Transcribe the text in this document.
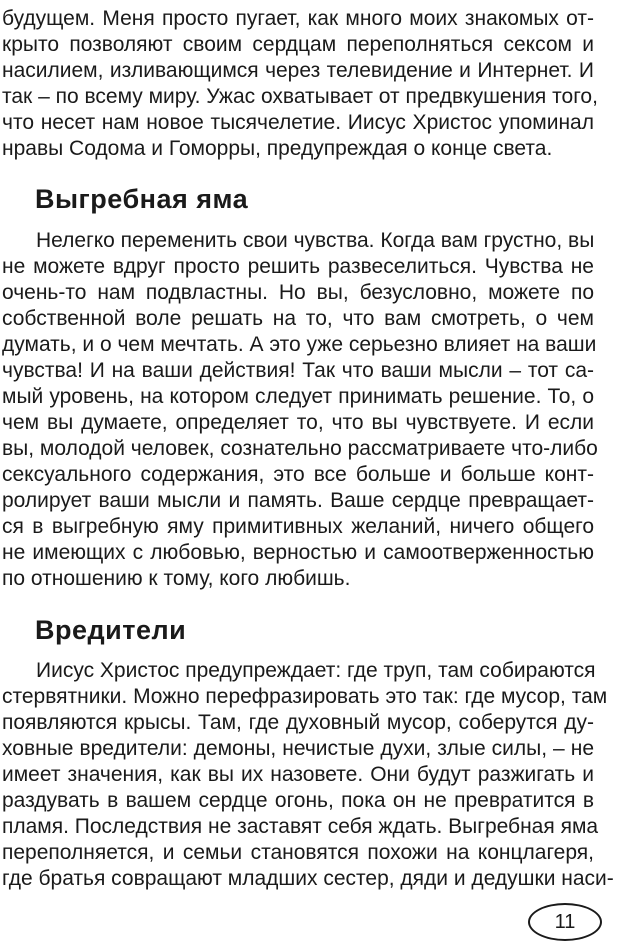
будущем. Меня просто пугает, как много моих знакомых от-
крыто позволяют своим сердцам переполняться сексом и
насилием, изливающимся через телевидение и Интернет. И
так – по всему миру. Ужас охватывает от предвкушения того,
что несет нам новое тысячелетие. Иисус Христос упоминал
нравы Содома и Гоморры, предупреждая о конце света.
Выгребная яма
Нелегко переменить свои чувства. Когда вам грустно, вы
не можете вдруг просто решить развеселиться. Чувства не
очень-то нам подвластны. Но вы, безусловно, можете по
собственной воле решать на то, что вам смотреть, о чем
думать, и о чем мечтать. А это уже серьезно влияет на ваши
чувства! И на ваши действия! Так что ваши мысли – тот са-
мый уровень, на котором следует принимать решение. То, о
чем вы думаете, определяет то, что вы чувствуете. И если
вы, молодой человек, сознательно рассматриваете что-либо
сексуального содержания, это все больше и больше конт-
ролирует ваши мысли и память. Ваше сердце превращает-
ся в выгребную яму примитивных желаний, ничего общего
не имеющих с любовью, верностью и самоотверженностью
по отношению к тому, кого любишь.
Вредители
Иисус Христос предупреждает: где труп, там собираются
стервятники. Можно перефразировать это так: где мусор, там
появляются крысы. Там, где духовный мусор, соберутся ду-
ховные вредители: демоны, нечистые духи, злые силы, – не
имеет значения, как вы их назовете. Они будут разжигать и
раздувать в вашем сердце огонь, пока он не превратится в
пламя. Последствия не заставят себя ждать. Выгребная яма
переполняется, и семьи становятся похожи на концлагеря,
где братья совращают младших сестер, дяди и дедушки наси-
11
